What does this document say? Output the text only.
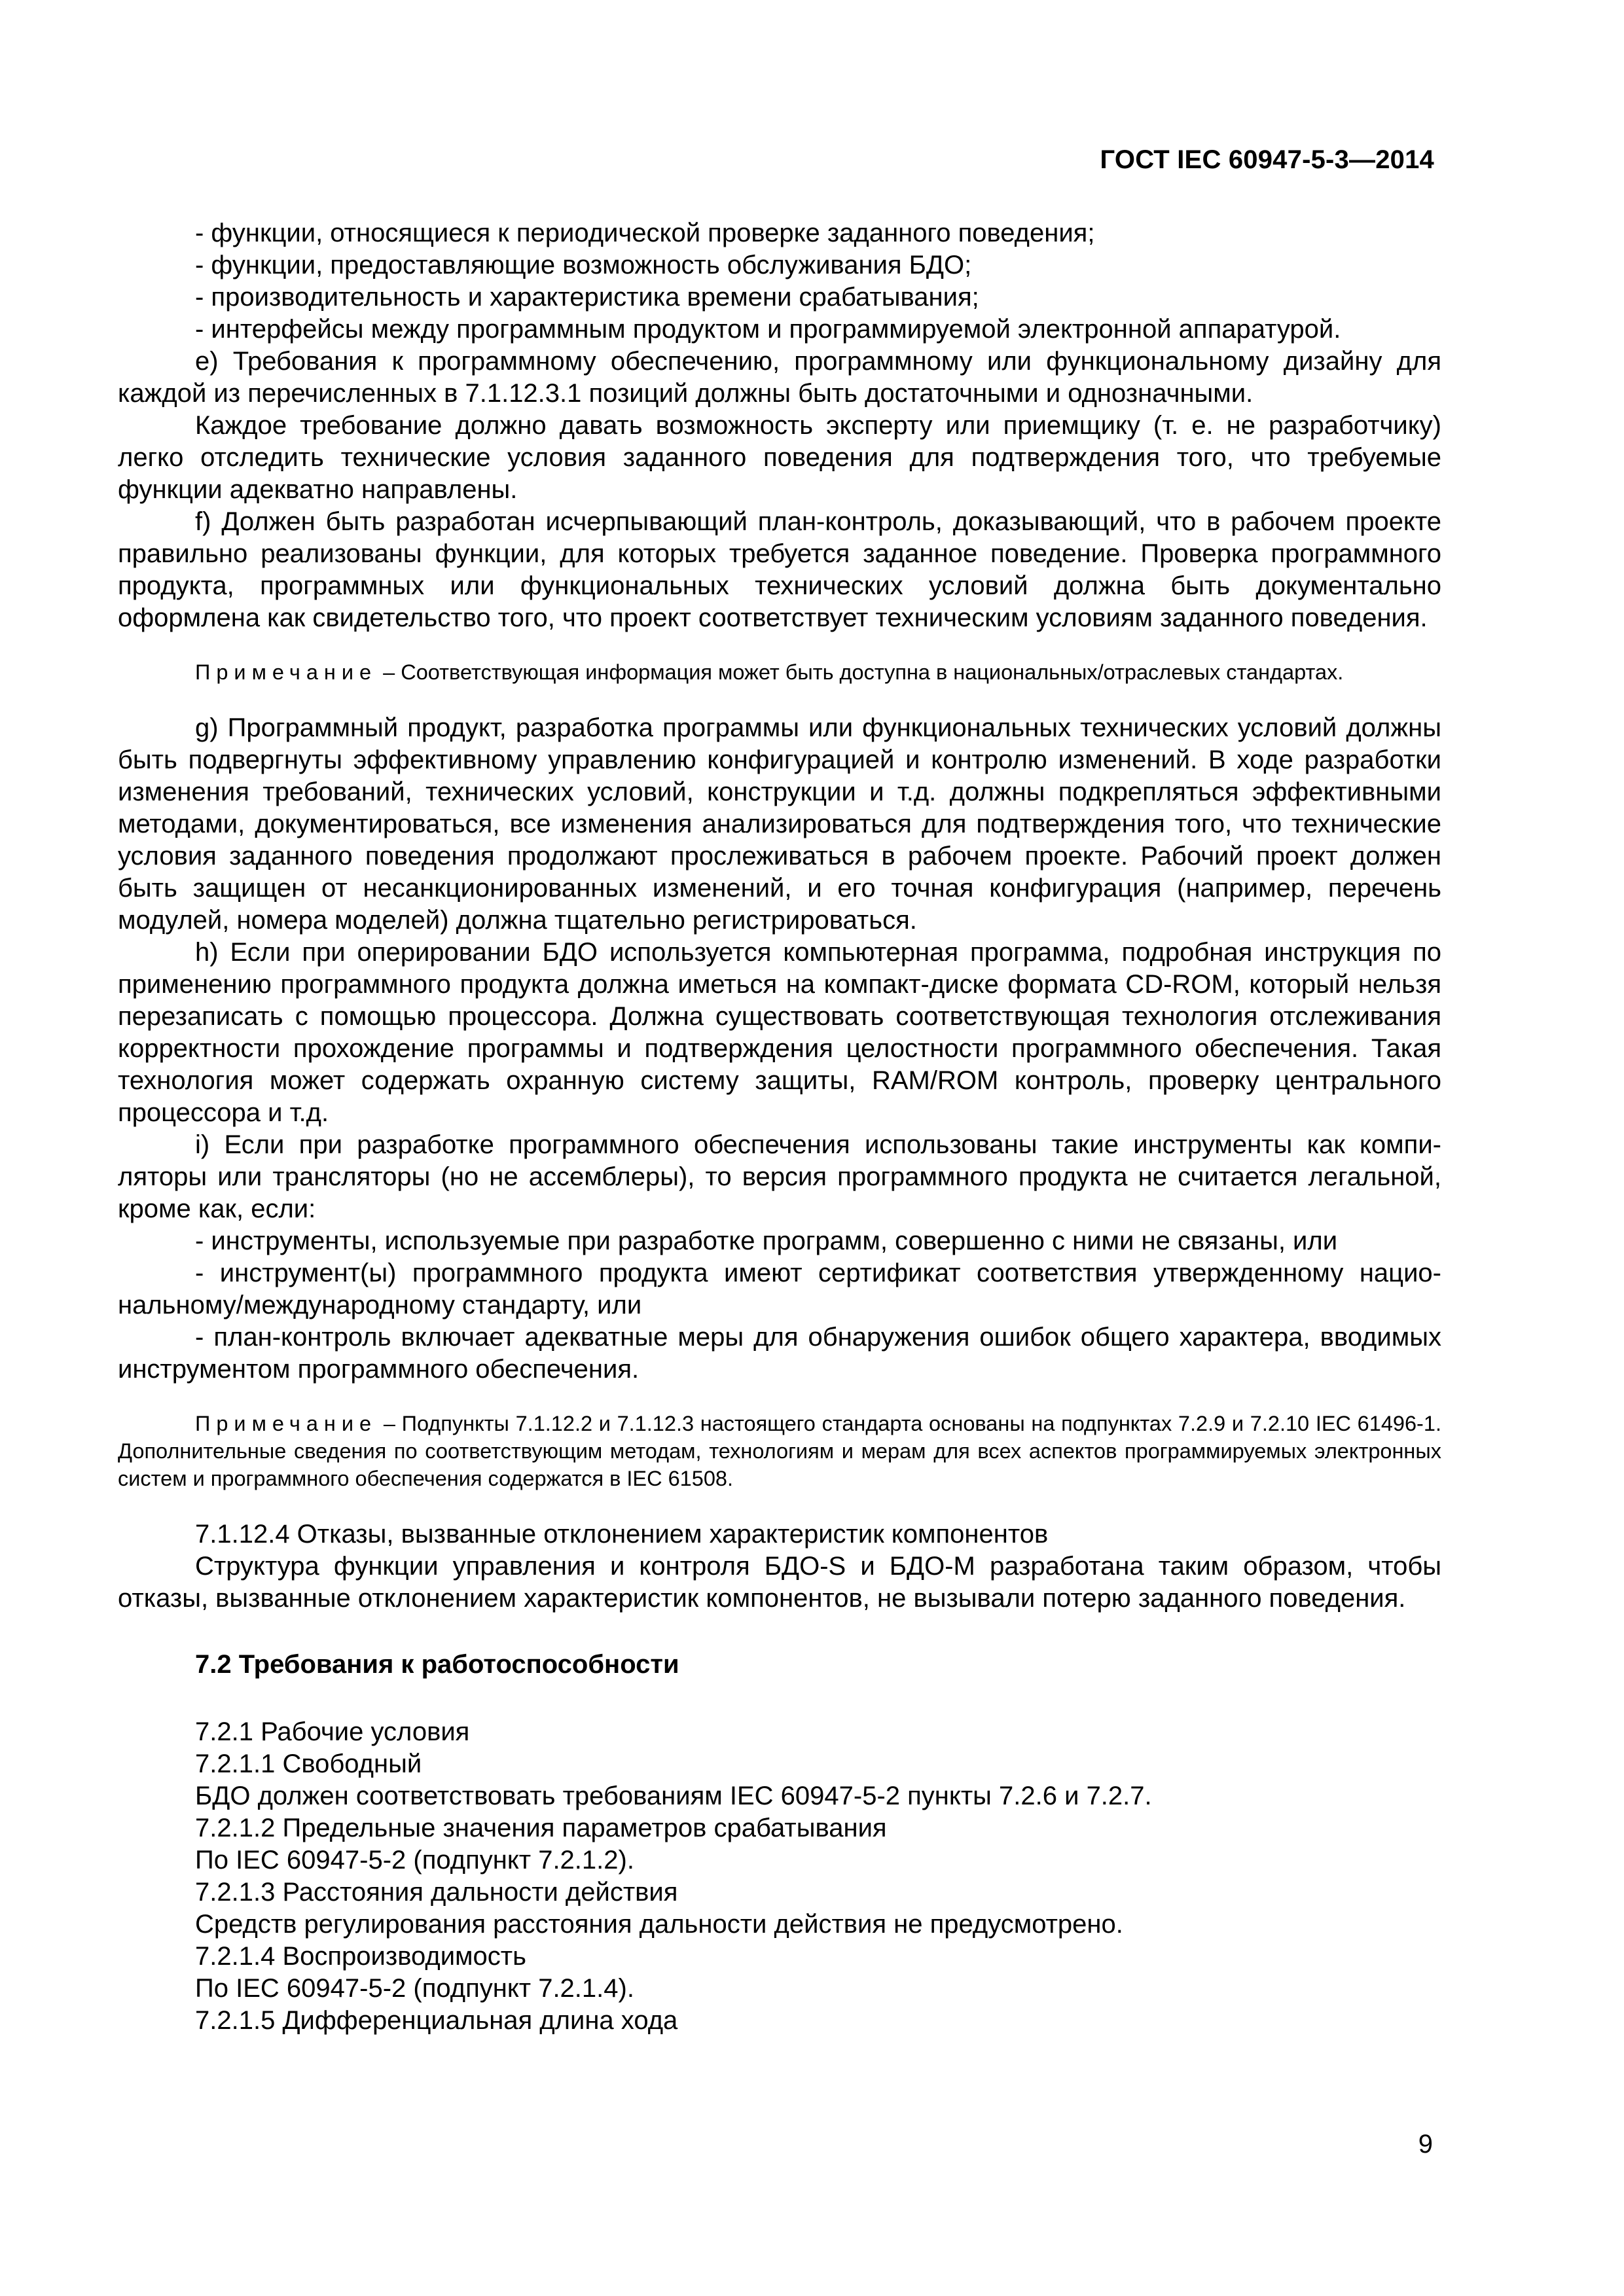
ГОСТ IEC 60947-5-3—2014

- функции, относящиеся к периодической проверке заданного поведения;

- функции, предоставляющие возможность обслуживания БДО;

- производительность и характеристика времени срабатывания;

- интерфейсы между программным продуктом и программируемой электронной аппаратурой.

е) Требования к программному обеспечению, программному или функциональному дизайну для каждой из перечисленных в 7.1.12.3.1 позиций должны быть достаточными и однозначными.

Каждое требование должно давать возможность эксперту или приемщику (т. е. не разработчику) легко отследить технические условия заданного поведения для подтверждения того, что требуемые функции адекватно направлены.

f) Должен быть разработан исчерпывающий план-контроль, доказывающий, что в рабочем проекте правильно реализованы функции, для которых требуется заданное поведение. Проверка программного продукта, программных или функциональных технических условий должна быть документально оформлена как свидетельство того, что проект соответствует техническим условиям заданного поведения.

Примечание – Соответствующая информация может быть доступна в национальных/отраслевых стандартах.

g) Программный продукт, разработка программы или функциональных технических условий должны быть подвергнуты эффективному управлению конфигурацией и контролю изменений. В ходе разработки изменения требований, технических условий, конструкции и т.д. должны подкрепляться эффективными методами, документироваться, все изменения анализироваться для подтверждения того, что технические условия заданного поведения продолжают прослеживаться в рабочем проекте. Рабочий проект должен быть защищен от несанкционированных изменений, и его точная конфигурация (например, перечень модулей, номера моделей) должна тщательно регистрироваться.

h) Если при оперировании БДО используется компьютерная программа, подробная инструкция по применению программного продукта должна иметься на компакт-диске формата CD-ROM, который нельзя перезаписать с помощью процессора. Должна существовать соответствующая технология отслеживания корректности прохождение программы и подтверждения целостности программного обеспечения. Такая технология может содержать охранную систему защиты, RAM/ROM контроль, проверку центрального процессора и т.д.

i) Если при разработке программного обеспечения использованы такие инструменты как компиляторы или трансляторы (но не ассемблеры), то версия программного продукта не считается легальной, кроме как, если:

- инструменты, используемые при разработке программ, совершенно с ними не связаны, или

- инструмент(ы) программного продукта имеют сертификат соответствия утвержденному национальному/международному стандарту, или

- план-контроль включает адекватные меры для обнаружения ошибок общего характера, вводимых инструментом программного обеспечения.

Примечание – Подпункты 7.1.12.2 и 7.1.12.3 настоящего стандарта основаны на подпунктах 7.2.9 и 7.2.10 IEC 61496-1. Дополнительные сведения по соответствующим методам, технологиям и мерам для всех аспектов программируемых электронных систем и программного обеспечения содержатся в IEC 61508.

7.1.12.4 Отказы, вызванные отклонением характеристик компонентов

Структура функции управления и контроля БДО-S и БДО-M разработана таким образом, чтобы отказы, вызванные отклонением характеристик компонентов, не вызывали потерю заданного поведения.

7.2 Требования к работоспособности

7.2.1 Рабочие условия

7.2.1.1 Свободный

БДО должен соответствовать требованиям IEC 60947-5-2 пункты 7.2.6 и 7.2.7.

7.2.1.2 Предельные значения параметров срабатывания

По IEC 60947-5-2 (подпункт 7.2.1.2).

7.2.1.3 Расстояния дальности действия

Средств регулирования расстояния дальности действия не предусмотрено.

7.2.1.4 Воспроизводимость

По IEC 60947-5-2 (подпункт 7.2.1.4).

7.2.1.5 Дифференциальная длина хода

9
